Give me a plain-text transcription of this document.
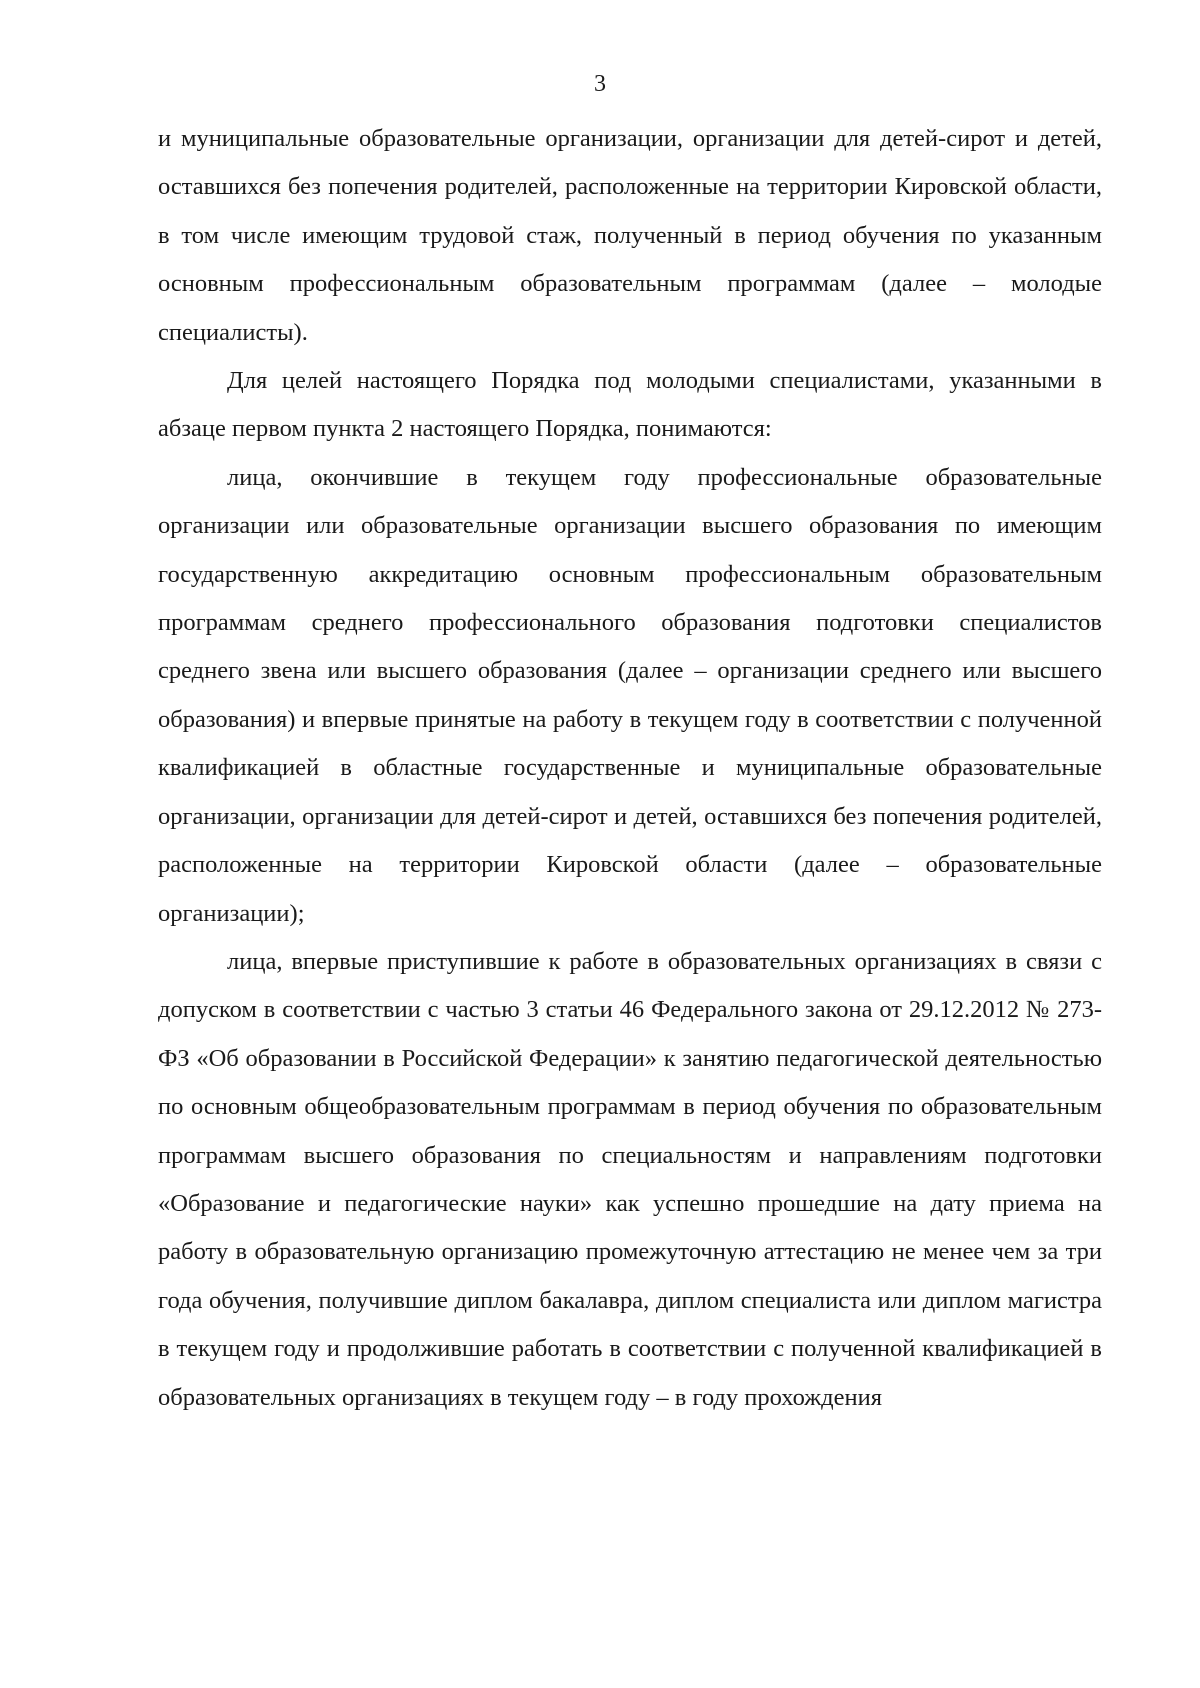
3

и муниципальные образовательные организации, организации для детей-сирот и детей, оставшихся без попечения родителей, расположенные на территории Кировской области, в том числе имеющим трудовой стаж, полученный в период обучения по указанным основным профессиональным образовательным программам (далее – молодые специалисты).

Для целей настоящего Порядка под молодыми специалистами, указанными в абзаце первом пункта 2 настоящего Порядка, понимаются:

лица, окончившие в текущем году профессиональные образовательные организации или образовательные организации высшего образования по имеющим государственную аккредитацию основным профессиональным образовательным программам среднего профессионального образования подготовки специалистов среднего звена или высшего образования (далее – организации среднего или высшего образования) и впервые принятые на работу в текущем году в соответствии с полученной квалификацией в областные государственные и муниципальные образовательные организации, организации для детей-сирот и детей, оставшихся без попечения родителей, расположенные на территории Кировской области (далее – образовательные организации);

лица, впервые приступившие к работе в образовательных организациях в связи с допуском в соответствии с частью 3 статьи 46 Федерального закона от 29.12.2012 № 273-ФЗ «Об образовании в Российской Федерации» к занятию педагогической деятельностью по основным общеобразовательным программам в период обучения по образовательным программам высшего образования по специальностям и направлениям подготовки «Образование и педагогические науки» как успешно прошедшие на дату приема на работу в образовательную организацию промежуточную аттестацию не менее чем за три года обучения, получившие диплом бакалавра, диплом специалиста или диплом магистра в текущем году и продолжившие работать в соответствии с полученной квалификацией в образовательных организациях в текущем году – в году прохождения
